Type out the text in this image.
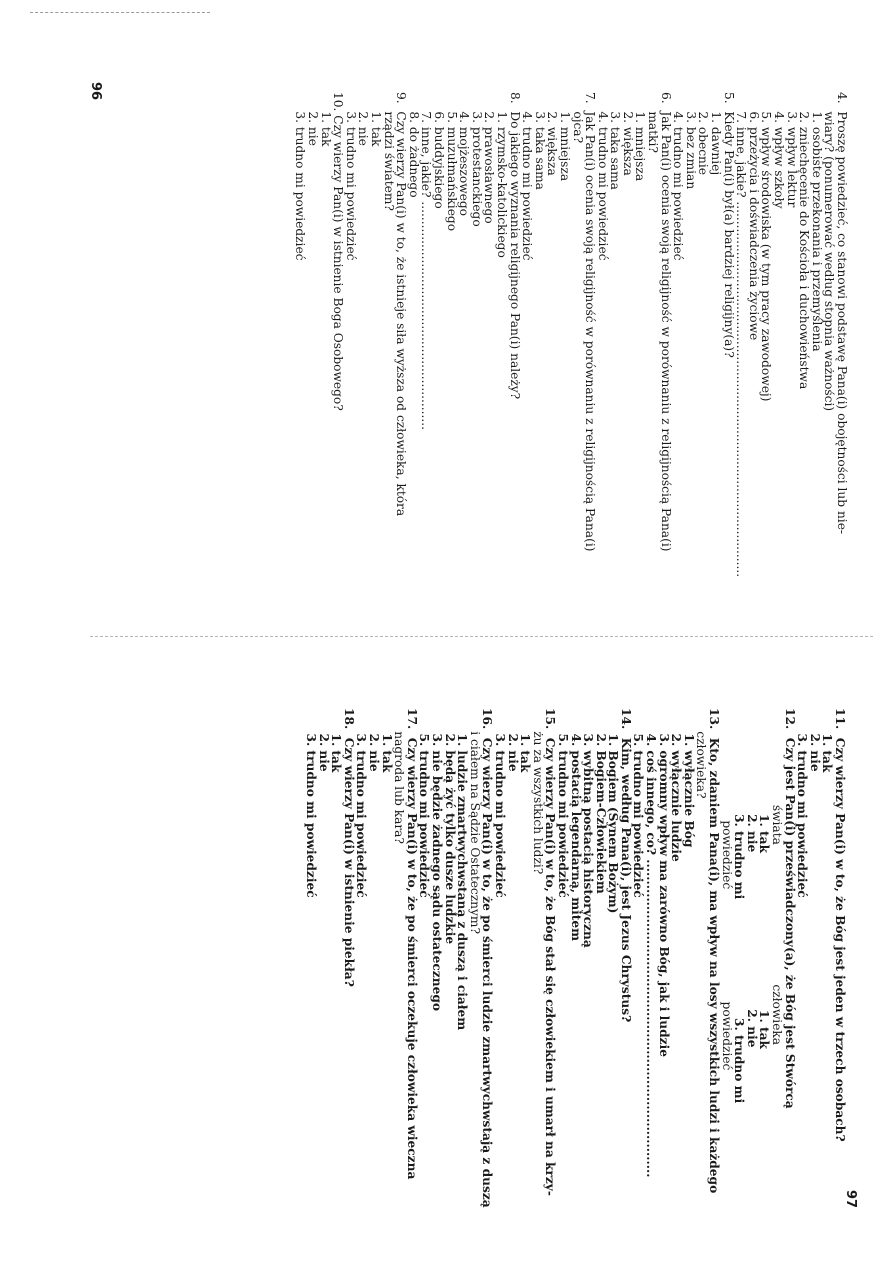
4.  Proszę powiedzieć, co stanowi podstawę Pana(i) obojętności lub nie-

wiary? (ponumerować według stopnia ważności)

1. osobiste przekonania i przemyślenia

2. zniechęcenie do Kościoła i duchowieństwa

3. wpływ lektur

4. wpływ szkoły

5. wpływ środowiska (w tym pracy zawodowej)

6. przeżycia i doświadczenia życiowe

7. inne, jakie? .................................................................................................

5.  Kiedy Pan(i) był(a) bardziej religijny(a)?

1. dawniej

2. obecnie

3. bez zmian

4. trudno mi powiedzieć

6.  Jak Pan(i) ocenia swoją religijność w porównaniu z religijnością Pana(i)

matki?

1. mniejsza

2. większa

3. taka sama

4. trudno mi powiedzieć

7.  Jak Pan(i) ocenia swoją religijność w porównaniu z religijnością Pana(i)

ojca?

1. mniejsza

2. większa

3. taka sama

4. trudno mi powiedzieć

8.  Do jakiego wyznania religijnego Pan(i) należy?

1. rzymsko-katolickiego

2. prawosławnego

3. protestanckiego

4. mojżeszowego

5. muzułmańskiego

6. buddyjskiego

7. inne, jakie? ...........................................................

8. do żadnego

9.  Czy wierzy Pan(i) w to, że istnieje siła wyższa od człowieka, która

rządzi światem?

1. tak

2. nie

3. trudno mi powiedzieć

10. Czy wierzy Pan(i) w istnienie Boga Osobowego?

1. tak

2. nie

3. trudno mi powiedzieć

96

11.  Czy wierzy Pan(i) w to, że Bóg jest jeden w trzech osobach?

1. tak

2. nie

3. trudno mi powiedzieć

12.  Czy jest Pan(i) przeświadczony(a), że Bóg jest Stwórcą

świata                                    człowieka

1. tak                                     1. tak

2. nie                                     2. nie

3. trudno mi                            3. trudno mi

powiedzieć                             powiedzieć

13.  Kto, zdaniem Pana(i), ma wpływ na losy wszystkich ludzi i każdego

człowieka?

1. wyłącznie Bóg

2. wyłącznie ludzie

3. ogromny wpływ ma zarówno Bóg, jak i ludzie

4. coś innego, co? ...........................................................................

5. trudno mi powiedzieć

14.  Kim, według Pana(i), jest Jezus Chrystus?

1. Bogiem (Synem Bożym)

2. Bogiem-Człowiekiem

3. wybitną postacią historyczną

4. postacią legendarną, mitem

5. trudno mi powiedzieć

15.  Czy wierzy Pan(i) w to, że Bóg stał się człowiekiem i umarł na krzy-

żu za wszystkich ludzi?

1. tak

2. nie

3. trudno mi powiedzieć

16.  Czy wierzy Pan(i) w to, że po śmierci ludzie zmartwychwstają z duszą

i ciałem na Sądzie Ostatecznym?

1. ludzie zmartwychwstaną z duszą i ciałem

2. będą żyć tylko dusze ludzkie

3. nie będzie żadnego sądu ostatecznego

5. trudno mi powiedzieć

17.  Czy wierzy Pan(i) w to, że po śmierci oczekuje człowieka wieczna

nagroda lub kara?

1. tak

2. nie

3. trudno mi powiedzieć

18.  Czy wierzy Pan(i) w istnienie piekła?

1. tak

2. nie

3. trudno mi powiedzieć

97
